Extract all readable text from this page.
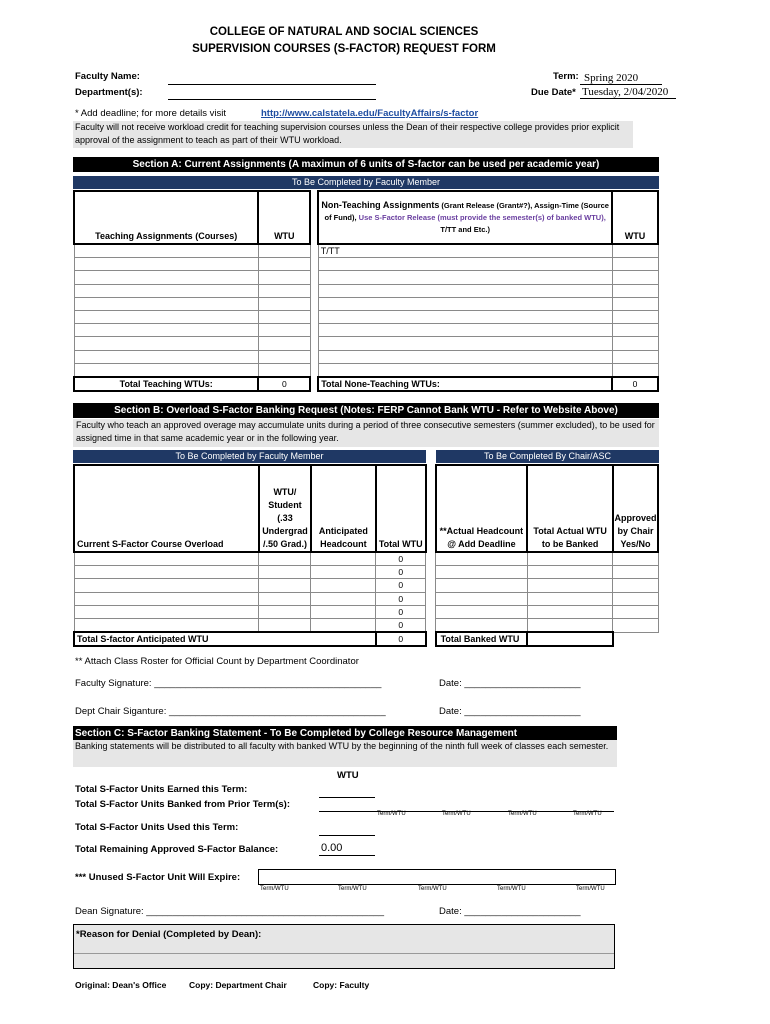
COLLEGE OF NATURAL AND SOCIAL SCIENCES
SUPERVISION COURSES (S-FACTOR) REQUEST FORM
Faculty Name:
Department(s):
Term: Spring 2020
Due Date* Tuesday, 2/04/2020
* Add deadline; for more details visit	http://www.calstatela.edu/FacultyAffairs/s-factor
Faculty will not receive workload credit for teaching supervision courses unless the Dean of their respective college provides prior explicit approval of the assignment to teach as part of their WTU workload.
Section A: Current Assignments (A maximun of 6 units of S-factor can be used per academic year)
To Be Completed by Faculty Member
Teaching Assignments (Courses)	WTU		Non-Teaching Assignments (Grant Release (Grant#?), Assign-Time (Source of Fund), Use S-Factor Release (must provide the semester(s) of banked WTU), T/TT and Etc.)	WTU
			T/TT	

Total Teaching WTUs:	0		Total None-Teaching WTUs:	0
Section B: Overload S-Factor Banking Request (Notes: FERP Cannot Bank WTU - Refer to Website Above)
Faculty who teach an approved overage may accumulate units during a period of three consecutive semesters (summer excluded), to be used for assigned time in that same academic year or in the following year.
To Be Completed by Faculty Member	To Be Completed By Chair/ASC
Current S-Factor Course Overload	WTU/ Student (.33 Undergrad /.50 Grad.)	Anticipated Headcount	Total WTU		**Actual Headcount @ Add Deadline	Total Actual WTU to be Banked	Approved by Chair Yes/No
			0				
			0				
			0				
			0				
			0				
			0				
Total S-factor Anticipated WTU			0		Total Banked WTU		
** Attach Class Roster for Official Count by Department Coordinator
Faculty Signature: ___________________________________________	Date: ______________________
Dept Chair Siganture: _________________________________________	Date: ______________________
Section C: S-Factor Banking Statement - To Be Completed by College Resource Management
Banking statements will be distributed to all faculty with banked WTU by the beginning of the ninth full week of classes each semester.
WTU
Total S-Factor Units Earned this Term:
Total S-Factor Units Banked from Prior Term(s):
Term/WTU	Term/WTU	Term/WTU	Term/WTU
Total S-Factor Units Used this Term:
Total Remaining Approved S-Factor Balance:	0.00
*** Unused S-Factor Unit Will Expire:
Term/WTU	Term/WTU	Term/WTU	Term/WTU	Term/WTU
Dean Signature: _____________________________________________	Date: ______________________
*Reason for Denial (Completed by Dean):
Original: Dean's Office	Copy: Department Chair	Copy: Faculty
